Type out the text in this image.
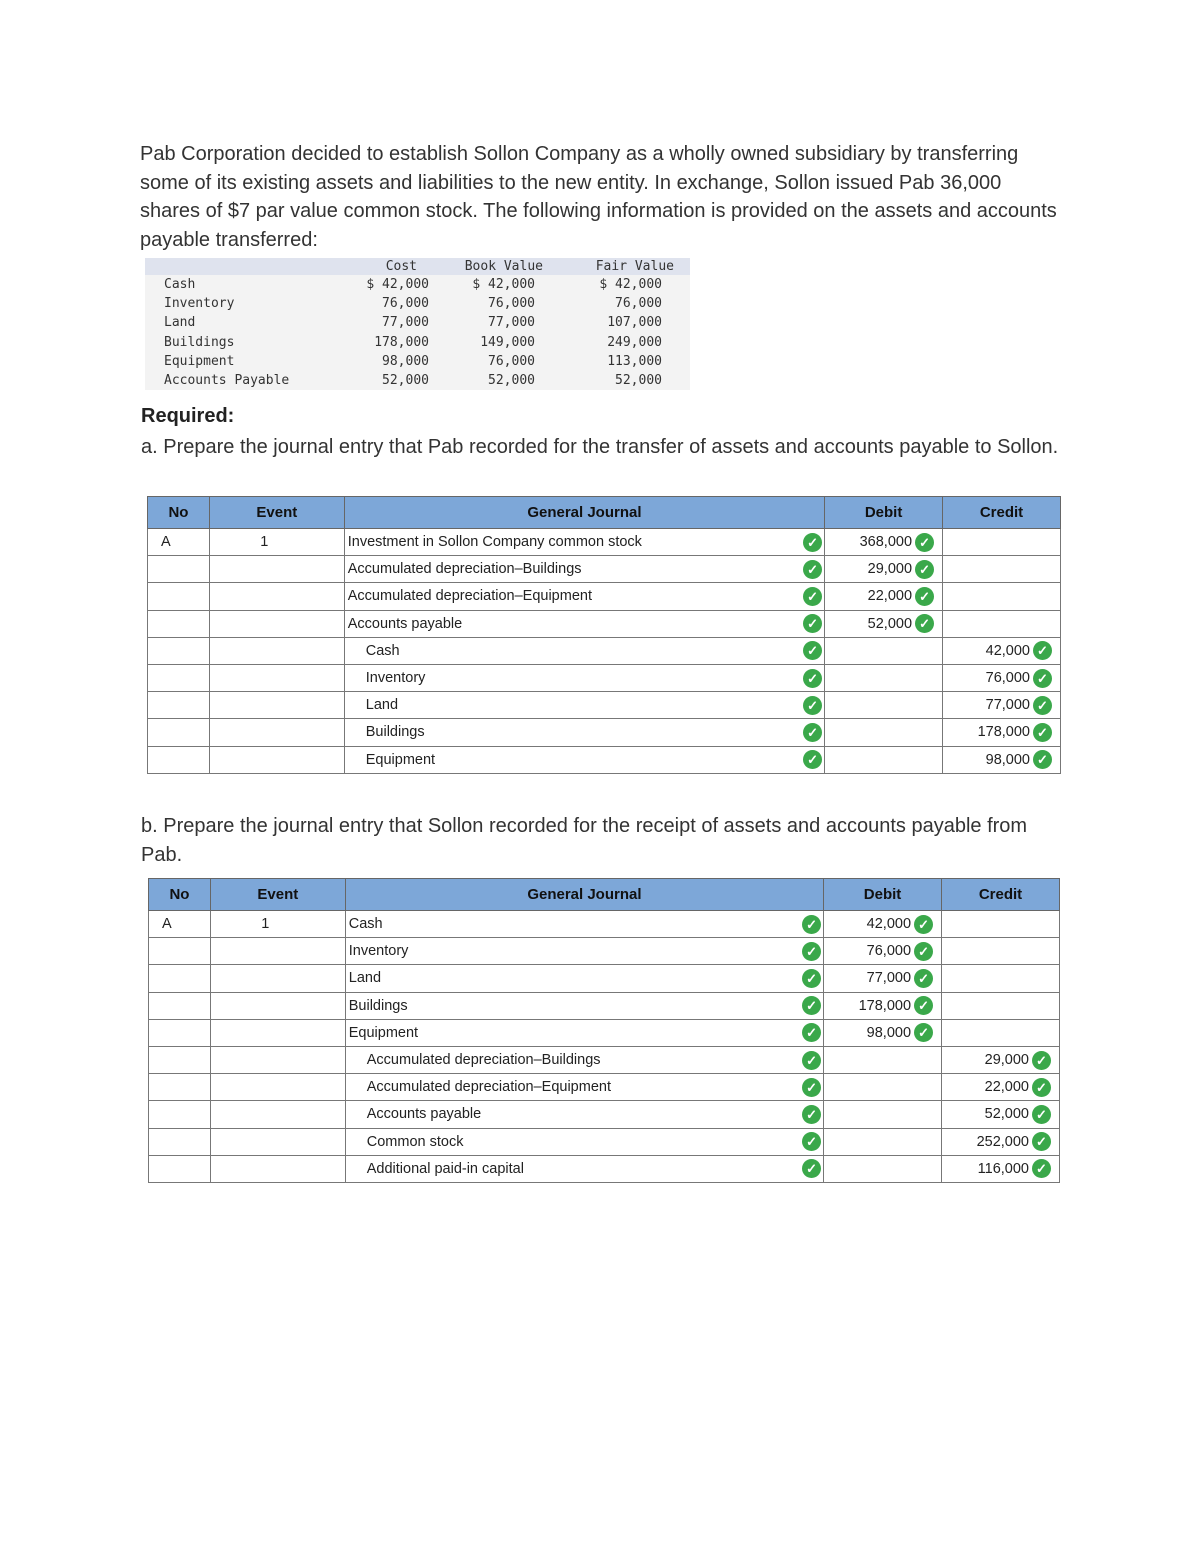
Pab Corporation decided to establish Sollon Company as a wholly owned subsidiary by transferring some of its existing assets and liabilities to the new entity. In exchange, Sollon issued Pab 36,000 shares of $7 par value common stock. The following information is provided on the assets and accounts payable transferred:
	Cost	Book Value	Fair Value
Cash	$ 42,000	$ 42,000	$ 42,000
Inventory	76,000	76,000	76,000
Land	77,000	77,000	107,000
Buildings	178,000	149,000	249,000
Equipment	98,000	76,000	113,000
Accounts Payable	52,000	52,000	52,000
Required:
a. Prepare the journal entry that Pab recorded for the transfer of assets and accounts payable to Sollon.
No	Event	General Journal		Debit	Credit
A	1	Investment in Sollon Company common stock	✓	368,000 ✓	

		Accumulated depreciation–Buildings	✓	29,000 ✓	

		Accumulated depreciation–Equipment	✓	22,000 ✓	

		Accounts payable	✓	52,000 ✓	

		Cash	✓		42,000 ✓

		Inventory	✓		76,000 ✓

		Land	✓		77,000 ✓

		Buildings	✓		178,000 ✓

		Equipment	✓		98,000 ✓
b. Prepare the journal entry that Sollon recorded for the receipt of assets and accounts payable from Pab.
No	Event	General Journal		Debit	Credit
A	1	Cash	✓	42,000 ✓	

		Inventory	✓	76,000 ✓	

		Land	✓	77,000 ✓	

		Buildings	✓	178,000 ✓	

		Equipment	✓	98,000 ✓	

		Accumulated depreciation–Buildings	✓		29,000 ✓

		Accumulated depreciation–Equipment	✓		22,000 ✓

		Accounts payable	✓		52,000 ✓

		Common stock	✓		252,000 ✓

		Additional paid-in capital	✓		116,000 ✓
